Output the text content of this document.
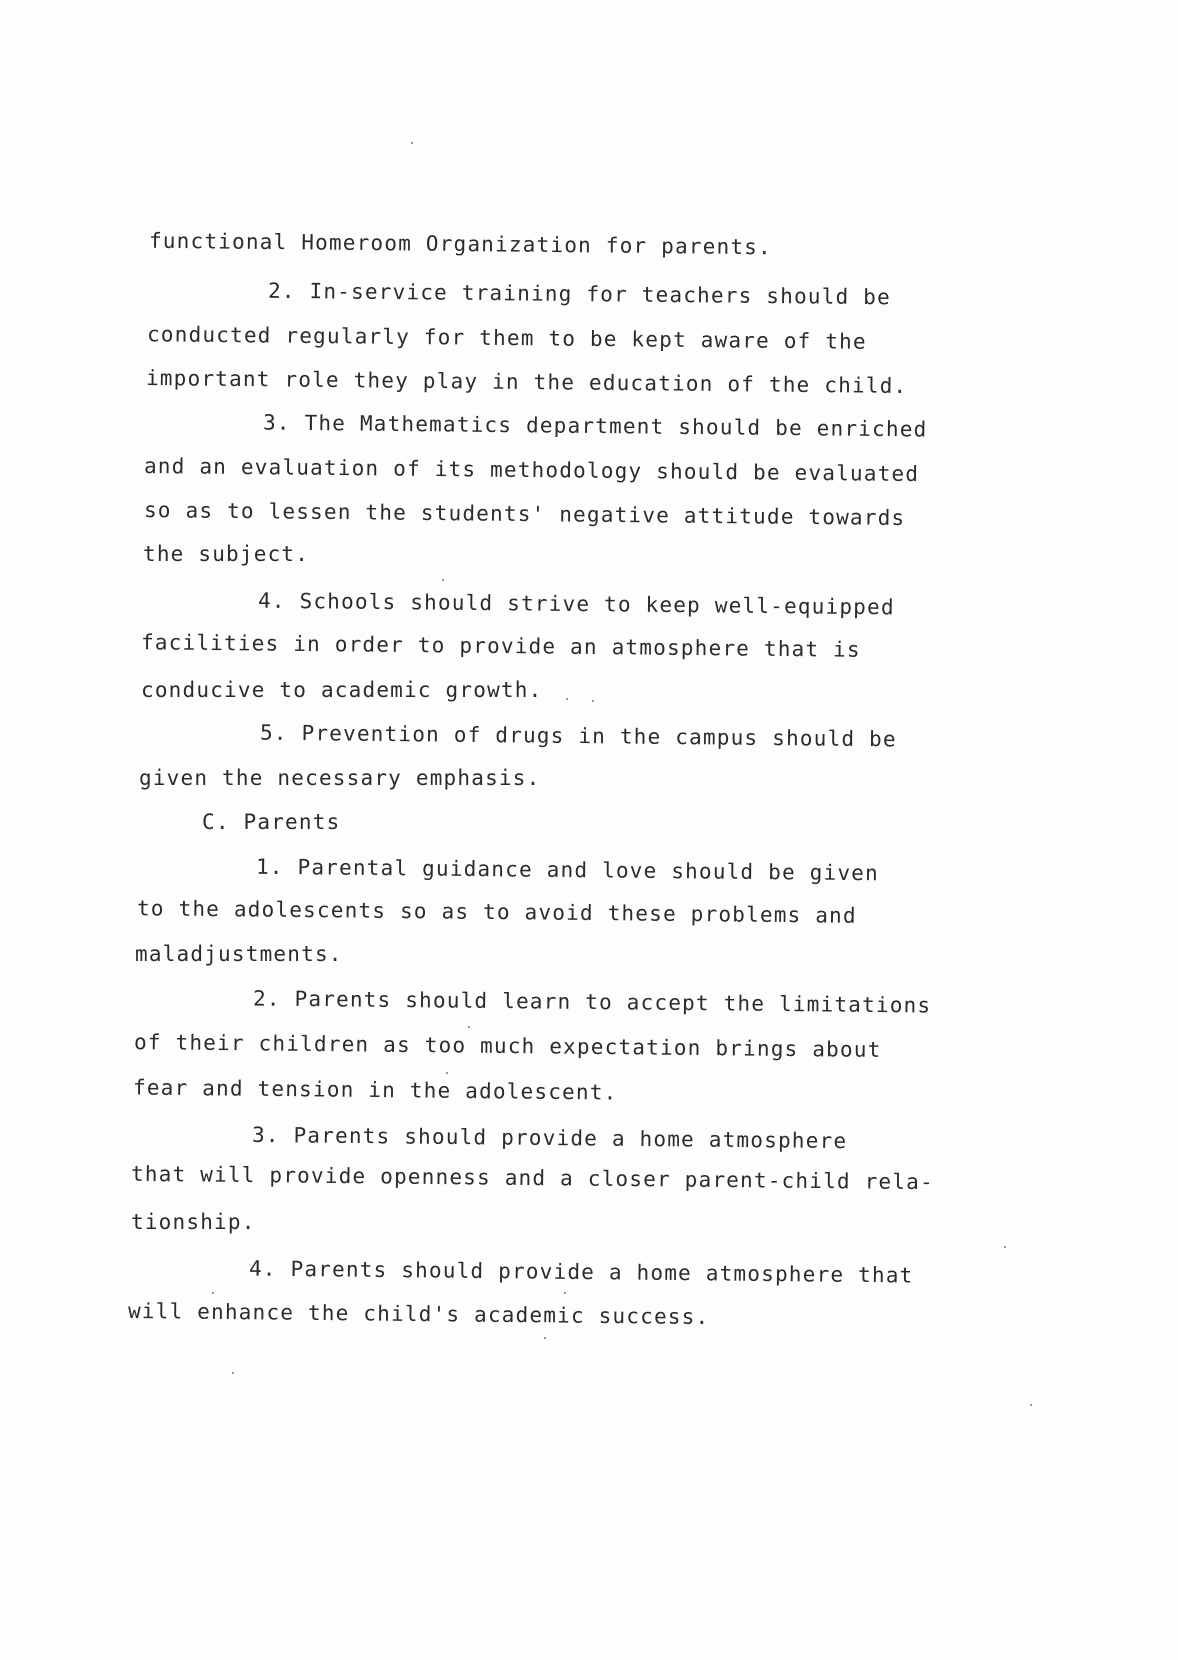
functional Homeroom Organization for parents.
2. In-service training for teachers should be
conducted regularly for them to be kept aware of the
important role they play in the education of the child.
3. The Mathematics department should be enriched
and an evaluation of its methodology should be evaluated
so as to lessen the students' negative attitude towards
the subject.
4. Schools should strive to keep well-equipped
facilities in order to provide an atmosphere that is
conducive to academic growth.
5. Prevention of drugs in the campus should be
given the necessary emphasis.
C. Parents
1. Parental guidance and love should be given
to the adolescents so as to avoid these problems and
maladjustments.
2. Parents should learn to accept the limitations
of their children as too much expectation brings about
fear and tension in the adolescent.
3. Parents should provide a home atmosphere
that will provide openness and a closer parent-child rela-
tionship.
4. Parents should provide a home atmosphere that
will enhance the child's academic success.
